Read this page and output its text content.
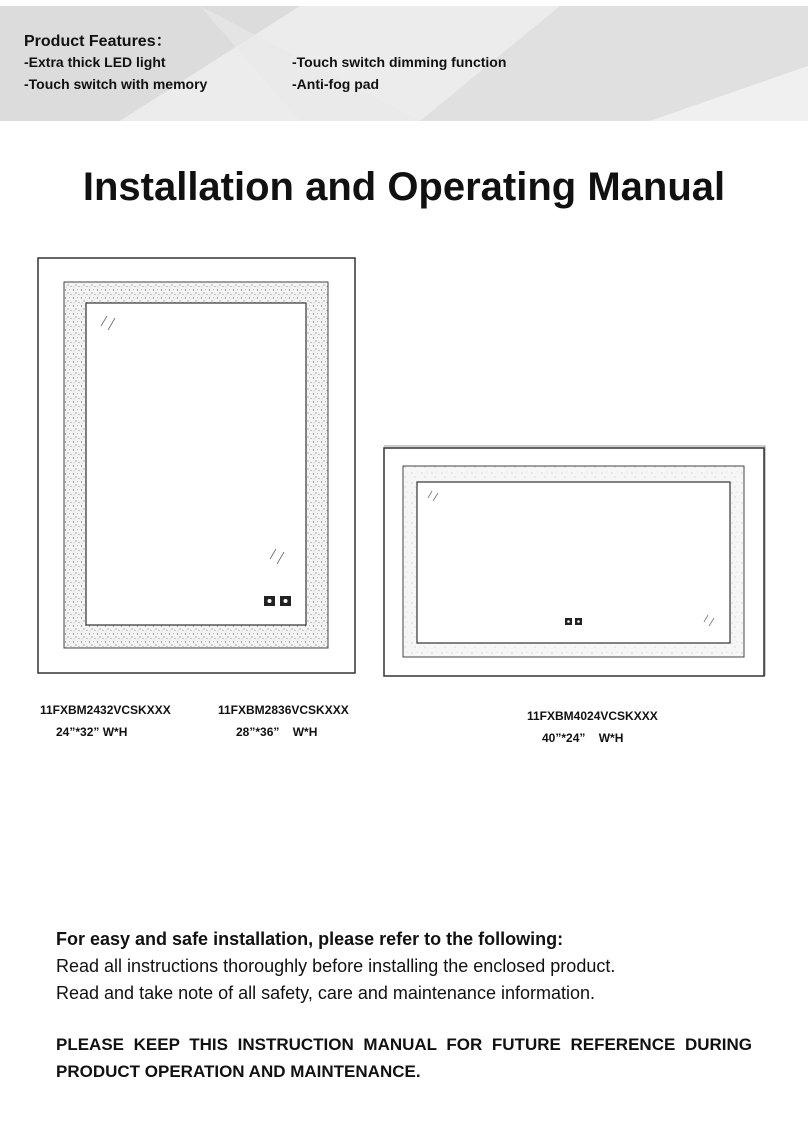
Product Features：
-Extra thick LED light	-Touch switch dimming function
-Touch switch with memory	-Anti-fog pad
Installation and Operating Manual
11FXBM2432VCSKXXX
24”*32” W*H
11FXBM2836VCSKXXX
28”*36”    W*H
11FXBM4024VCSKXXX
40”*24”    W*H
For easy and safe installation, please refer to the following:
Read all instructions thoroughly before installing the enclosed product.
Read and take note of all safety, care and maintenance information.
PLEASE KEEP THIS INSTRUCTION MANUAL FOR FUTURE REFERENCE DURING PRODUCT OPERATION AND MAINTENANCE.
